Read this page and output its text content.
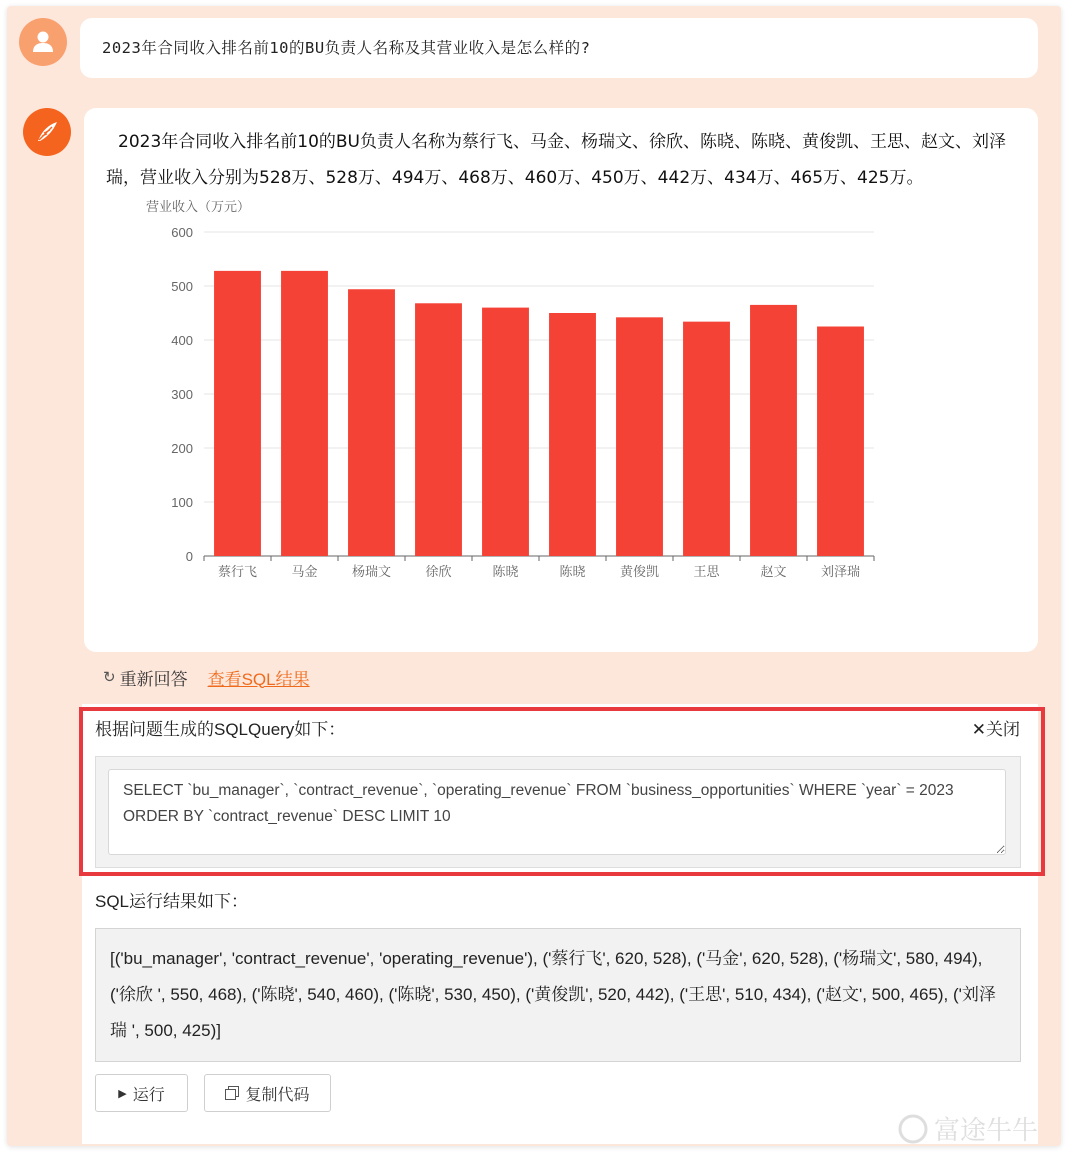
2023年合同收入排名前10的BU负责人名称及其营业收入是怎么样的?
2023年合同收入排名前10的BU负责人名称为蔡行飞、马金、杨瑞文、徐欣、陈晓、陈晓、黄俊凯、王思、赵文、刘泽瑞，营业收入分别为528万、528万、494万、468万、460万、450万、442万、434万、465万、425万。
营业收入（万元）
0
100
200
300
400
500
600
蔡行飞	马金	杨瑞文	徐欣	陈晓	陈晓	黄俊凯	王思	赵文	刘泽瑞
↻ 重新回答 查看SQL结果
根据问题生成的SQLQuery如下：	✕关闭
SELECT `bu_manager`, `contract_revenue`, `operating_revenue` FROM `business_opportunities` WHERE `year` = 2023 ORDER BY `contract_revenue` DESC LIMIT 10
SQL运行结果如下：
[('bu_manager', 'contract_revenue', 'operating_revenue'), ('蔡行飞', 620, 528), ('马金', 620, 528), ('杨瑞文', 580, 494), ('徐欣 ', 550, 468), ('陈晓', 540, 460), ('陈晓', 530, 450), ('黄俊凯', 520, 442), ('王思', 510, 434), ('赵文', 500, 465), ('刘泽瑞 ', 500, 425)]
▶ 运行	复制代码
富途牛牛
